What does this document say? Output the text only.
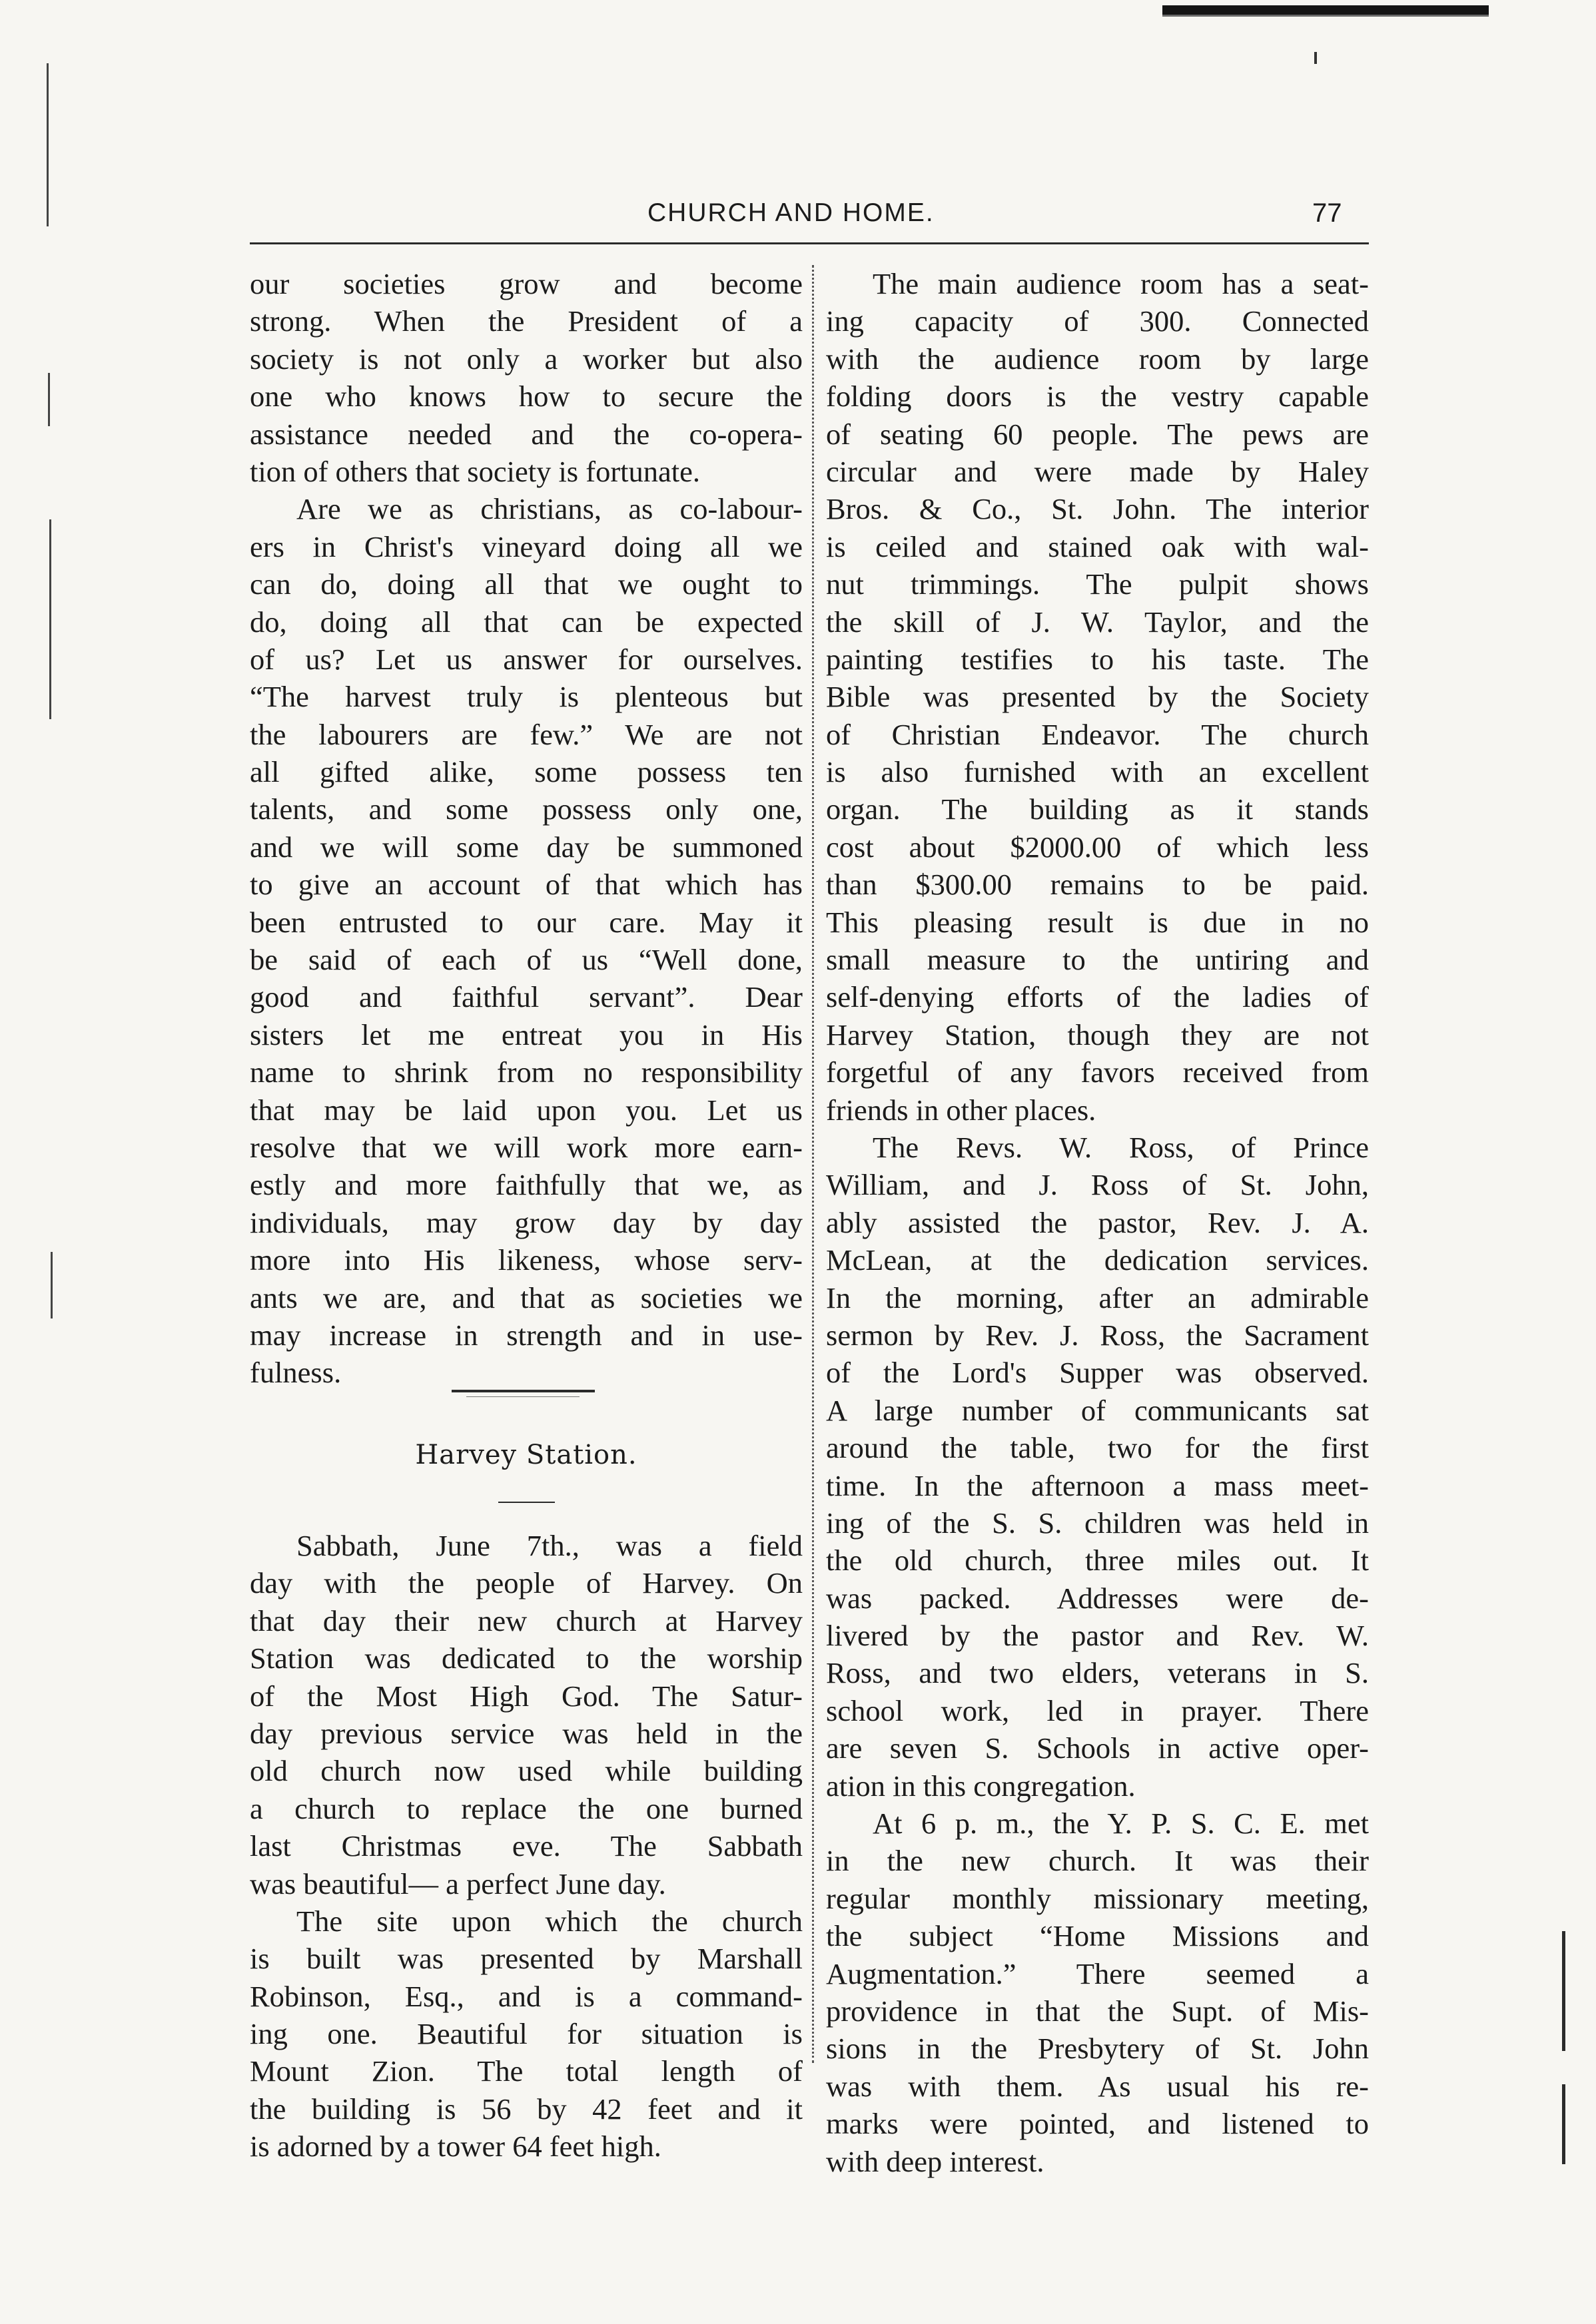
CHURCH AND HOME.	77
our societies grow and become
strong. When the President of a
society is not only a worker but also
one who knows how to secure the
assistance needed and the co-opera-
tion of others that society is fortunate.
Are we as christians, as co-labour-
ers in Christ's vineyard doing all we
can do, doing all that we ought to
do, doing all that can be expected
of us? Let us answer for ourselves.
“The harvest truly is plenteous but
the labourers are few.” We are not
all gifted alike, some possess ten
talents, and some possess only one,
and we will some day be summoned
to give an account of that which has
been entrusted to our care. May it
be said of each of us “Well done,
good and faithful servant”. Dear
sisters let me entreat you in His
name to shrink from no responsibility
that may be laid upon you. Let us
resolve that we will work more earn-
estly and more faithfully that we, as
individuals, may grow day by day
more into His likeness, whose serv-
ants we are, and that as societies we
may increase in strength and in use-
fulness.
Harvey Station.
Sabbath, June 7th., was a field
day with the people of Harvey. On
that day their new church at Harvey
Station was dedicated to the worship
of the Most High God. The Satur-
day previous service was held in the
old church now used while building
a church to replace the one burned
last Christmas eve. The Sabbath
was beautiful— a perfect June day.
The site upon which the church
is built was presented by Marshall
Robinson, Esq., and is a command-
ing one. Beautiful for situation is
Mount Zion. The total length of
the building is 56 by 42 feet and it
is adorned by a tower 64 feet high.
The main audience room has a seat-
ing capacity of 300. Connected
with the audience room by large
folding doors is the vestry capable
of seating 60 people. The pews are
circular and were made by Haley
Bros. & Co., St. John. The interior
is ceiled and stained oak with wal-
nut trimmings. The pulpit shows
the skill of J. W. Taylor, and the
painting testifies to his taste. The
Bible was presented by the Society
of Christian Endeavor. The church
is also furnished with an excellent
organ. The building as it stands
cost about $2000.00 of which less
than $300.00 remains to be paid.
This pleasing result is due in no
small measure to the untiring and
self-denying efforts of the ladies of
Harvey Station, though they are not
forgetful of any favors received from
friends in other places.
The Revs. W. Ross, of Prince
William, and J. Ross of St. John,
ably assisted the pastor, Rev. J. A.
McLean, at the dedication services.
In the morning, after an admirable
sermon by Rev. J. Ross, the Sacrament
of the Lord's Supper was observed.
A large number of communicants sat
around the table, two for the first
time. In the afternoon a mass meet-
ing of the S. S. children was held in
the old church, three miles out. It
was packed. Addresses were de-
livered by the pastor and Rev. W.
Ross, and two elders, veterans in S.
school work, led in prayer. There
are seven S. Schools in active oper-
ation in this congregation.
At 6 p. m., the Y. P. S. C. E. met
in the new church. It was their
regular monthly missionary meeting,
the subject “Home Missions and
Augmentation.” There seemed a
providence in that the Supt. of Mis-
sions in the Presbytery of St. John
was with them. As usual his re-
marks were pointed, and listened to
with deep interest.
